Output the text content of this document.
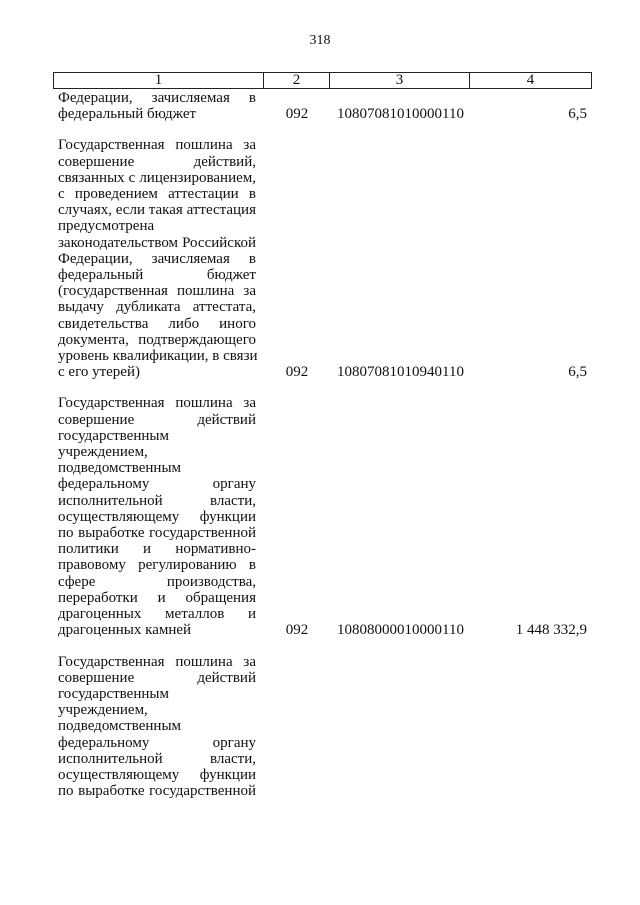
318
1	2	3	4
Федерации, зачисляемая в
федеральный бюджет	092	10807081010000110	6,5
Государственная пошлина за
совершение действий,
связанных с лицензированием,
с проведением аттестации в
случаях, если такая аттестация
предусмотрена
законодательством Российской
Федерации, зачисляемая в
федеральный бюджет
(государственная пошлина за
выдачу дубликата аттестата,
свидетельства либо иного
документа, подтверждающего
уровень квалификации, в связи
с его утерей)	092	10807081010940110	6,5
Государственная пошлина за
совершение действий
государственным
учреждением,
подведомственным
федеральному органу
исполнительной власти,
осуществляющему функции
по выработке государственной
политики и нормативно-
правовому регулированию в
сфере производства,
переработки и обращения
драгоценных металлов и
драгоценных камней	092	10808000010000110	1 448 332,9
Государственная пошлина за
совершение действий
государственным
учреждением,
подведомственным
федеральному органу
исполнительной власти,
осуществляющему функции
по выработке государственной
